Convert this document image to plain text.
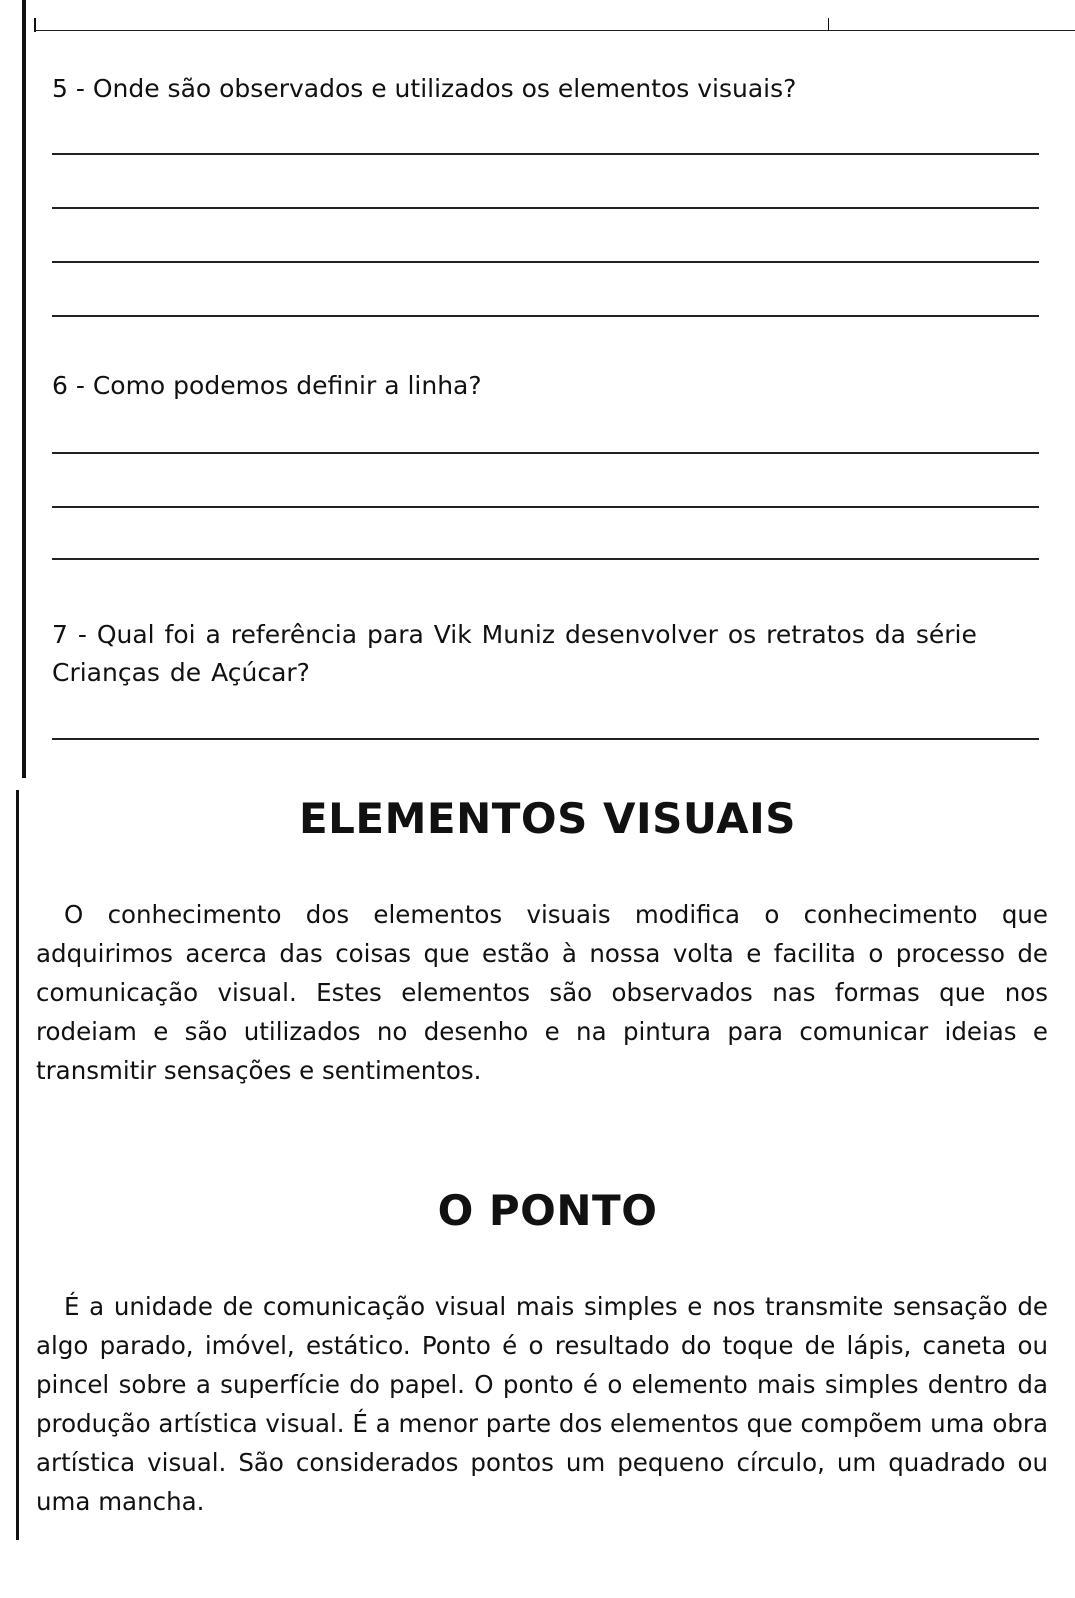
5 - Onde são observados e utilizados os elementos visuais?
6 - Como podemos definir a linha?
7 - Qual foi a referência para Vik Muniz desenvolver os retratos da série
Crianças de Açúcar?
ELEMENTOS VISUAIS
O conhecimento dos elementos visuais modifica o conhecimento que adquirimos acerca das coisas que estão à nossa volta e facilita o processo de comunicação visual. Estes elementos são observados nas formas que nos rodeiam e são utilizados no desenho e na pintura para comunicar ideias e transmitir sensações e sentimentos.
O PONTO
É a unidade de comunicação visual mais simples e nos transmite sensação de algo parado, imóvel, estático. Ponto é o resultado do toque de lápis, caneta ou pincel sobre a superfície do papel. O ponto é o elemento mais simples dentro da produção artística visual. É a menor parte dos elementos que compõem uma obra artística visual. São considerados pontos um pequeno círculo, um quadrado ou uma mancha.
